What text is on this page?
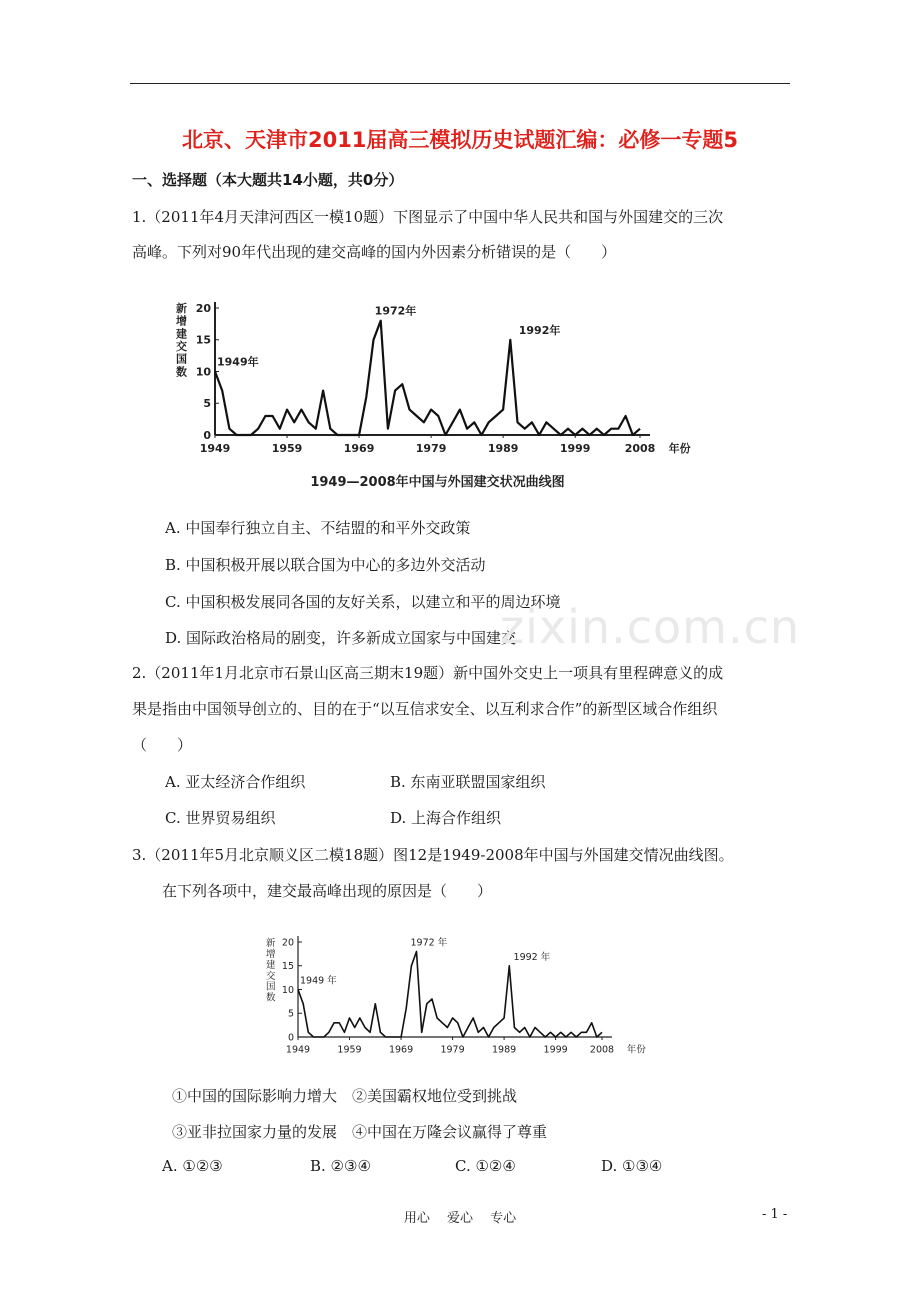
北京、天津市2011届高三模拟历史试题汇编：必修一专题5
一、选择题（本大题共14小题，共0分）
1.（2011年4月天津河西区一模10题）下图显示了中国中华人民共和国与外国建交的三次
高峰。下列对90年代出现的建交高峰的国内外因素分析错误的是（　　）
0
5
10
15
20
1949	1959	1969	1979	1989	1999	2008 年份
新增建交国数
1949年
1972年
1992年
1949—2008年中国与外国建交状况曲线图
A. 中国奉行独立自主、不结盟的和平外交政策
B. 中国积极开展以联合国为中心的多边外交活动
C. 中国积极发展同各国的友好关系，以建立和平的周边环境
D. 国际政治格局的剧变，许多新成立国家与中国建交
zixin.com.cn
2.（2011年1月北京市石景山区高三期末19题）新中国外交史上一项具有里程碑意义的成
果是指由中国领导创立的、目的在于“以互信求安全、以互利求合作”的新型区域合作组织
（　　）
A. 亚太经济合作组织	B. 东南亚联盟国家组织
C. 世界贸易组织	D. 上海合作组织
3.（2011年5月北京顺义区二模18题）图12是1949-2008年中国与外国建交情况曲线图。
在下列各项中，建交最高峰出现的原因是（　　）
0
5
10
15
20
1949	1959	1969	1979	1989	1999 2008 年份
新增建交国数
1949 年
1972 年
1992 年
①中国的国际影响力增大　②美国霸权地位受到挑战
③亚非拉国家力量的发展　④中国在万隆会议赢得了尊重
A. ①②③	B. ②③④	C. ①②④	D. ①③④
用心　 爱心　 专心	- 1 -
